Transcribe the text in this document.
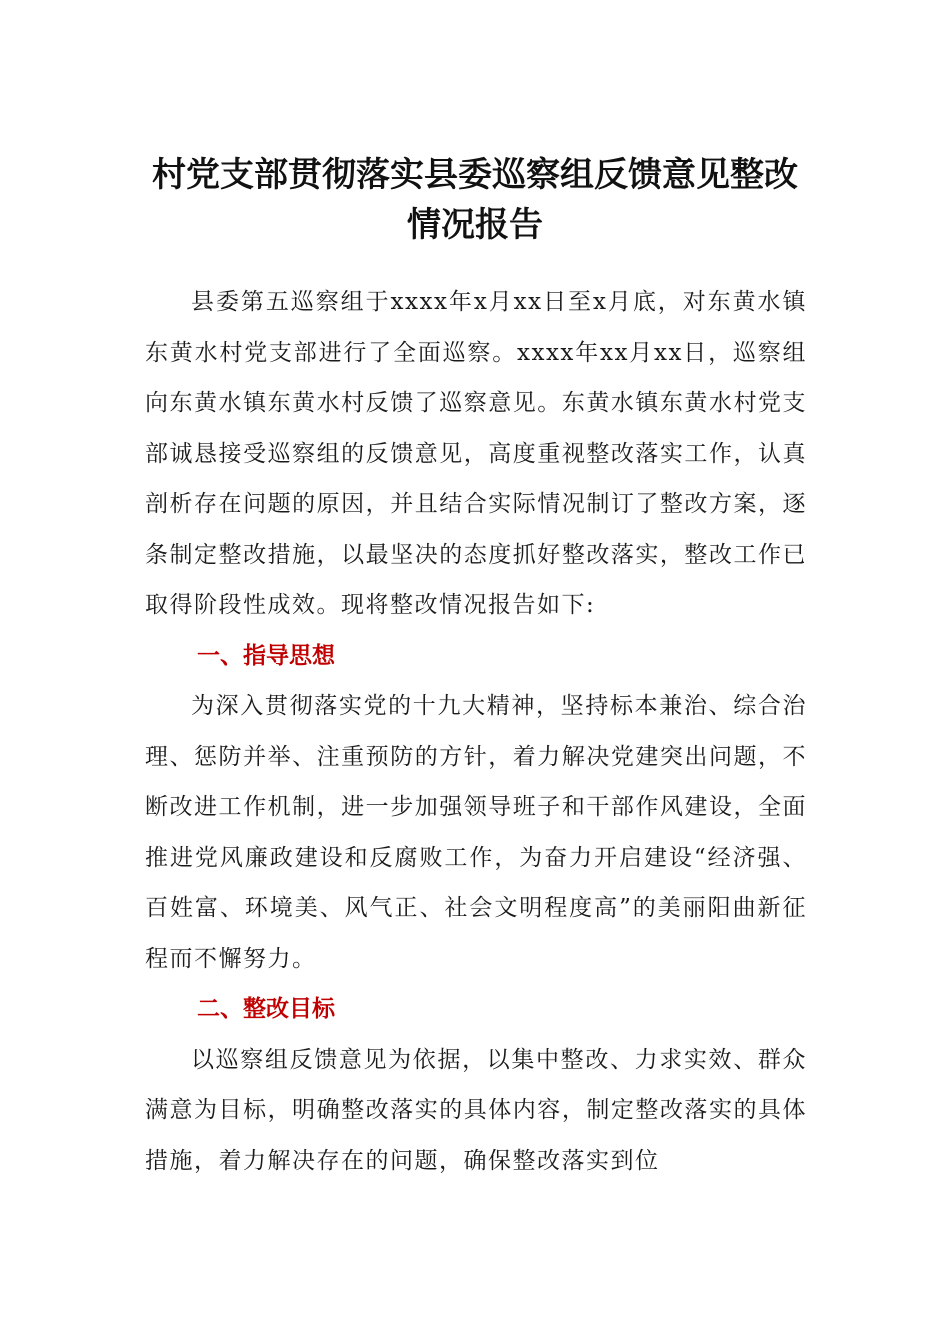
村党支部贯彻落实县委巡察组反馈意见整改情况报告

县委第五巡察组于xxxx年x月xx日至x月底，对东黄水镇东黄水村党支部进行了全面巡察。xxxx年xx月xx日，巡察组向东黄水镇东黄水村反馈了巡察意见。东黄水镇东黄水村党支部诚恳接受巡察组的反馈意见，高度重视整改落实工作，认真剖析存在问题的原因，并且结合实际情况制订了整改方案，逐条制定整改措施，以最坚决的态度抓好整改落实，整改工作已取得阶段性成效。现将整改情况报告如下:

一、指导思想

为深入贯彻落实党的十九大精神，坚持标本兼治、综合治理、惩防并举、注重预防的方针，着力解决党建突出问题，不断改进工作机制，进一步加强领导班子和干部作风建设，全面推进党风廉政建设和反腐败工作，为奋力开启建设“经济强、百姓富、环境美、风气正、社会文明程度高”的美丽阳曲新征程而不懈努力。

二、整改目标

以巡察组反馈意见为依据，以集中整改、力求实效、群众满意为目标，明确整改落实的具体内容，制定整改落实的具体措施，着力解决存在的问题，确保整改落实到位
